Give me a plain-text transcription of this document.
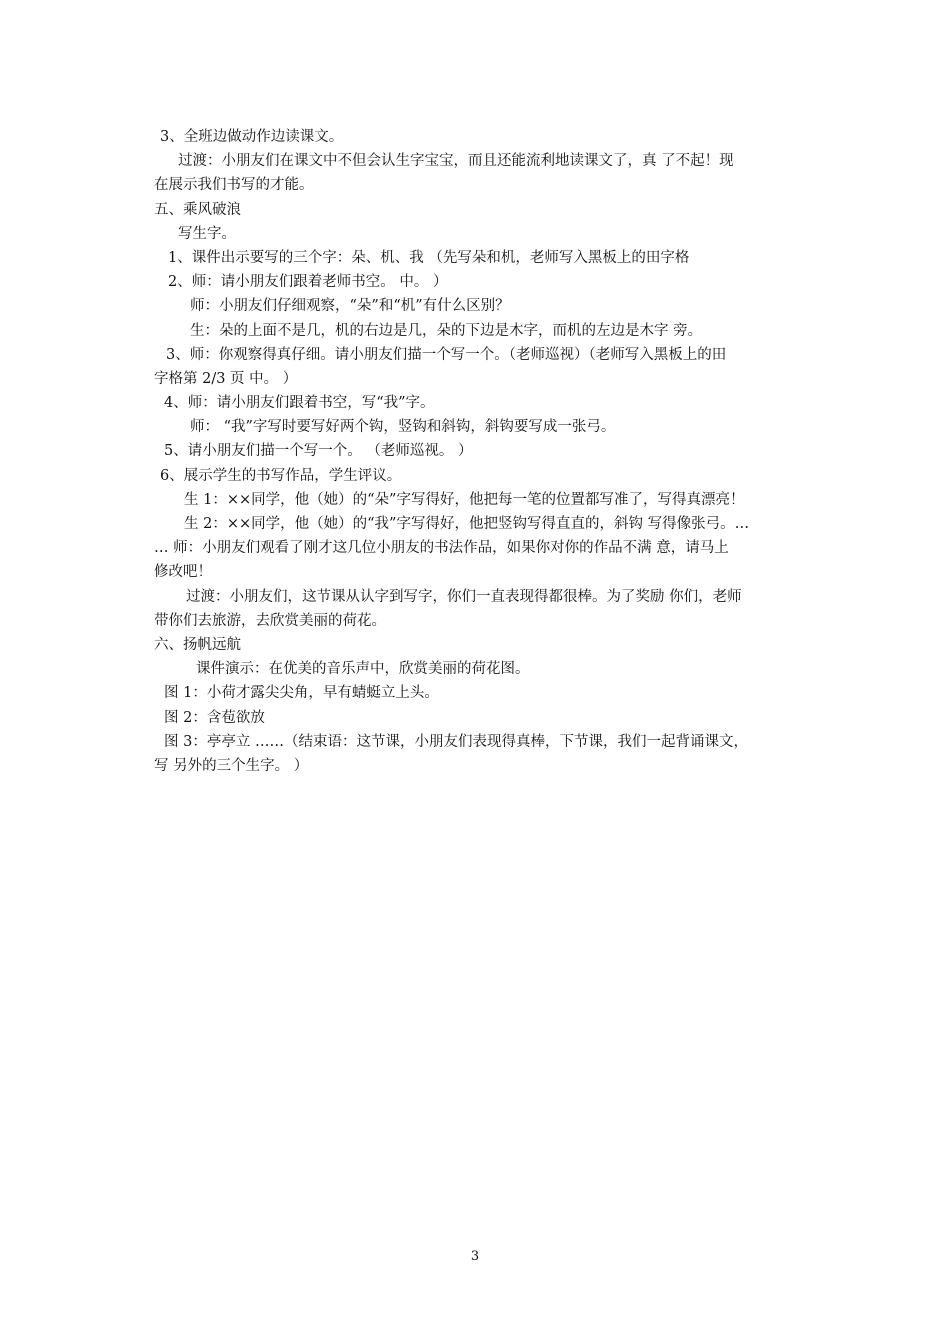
3、全班边做动作边读课文。
过渡：小朋友们在课文中不但会认生字宝宝，而且还能流利地读课文了，真 了不起！现
在展示我们书写的才能。
五、乘风破浪
写生字。
1、课件出示要写的三个字：朵、机、我 （先写朵和机，老师写入黑板上的田字格
2、师：请小朋友们跟着老师书空。 中。 ）
师：小朋友们仔细观察，“朵”和“机”有什么区别？
生：朵的上面不是几，机的右边是几，朵的下边是木字，而机的左边是木字 旁。
3、师：你观察得真仔细。请小朋友们描一个写一个。（老师巡视）（老师写入黑板上的田
字格第 2/3 页 中。 ）
4、师：请小朋友们跟着书空，写“我”字。
师： “我”字写时要写好两个钩，竖钩和斜钩，斜钩要写成一张弓。
5、请小朋友们描一个写一个。 （老师巡视。 ）
6、展示学生的书写作品，学生评议。
生 1：××同学，他（她）的“朵”字写得好，他把每一笔的位置都写准了，写得真漂亮！
生 2：××同学，他（她）的“我”字写得好，他把竖钩写得直直的，斜钩 写得像张弓。…
… 师：小朋友们观看了刚才这几位小朋友的书法作品，如果你对你的作品不满 意，请马上
修改吧！
过渡：小朋友们，这节课从认字到写字，你们一直表现得都很棒。为了奖励 你们，老师
带你们去旅游，去欣赏美丽的荷花。
六、扬帆远航
课件演示：在优美的音乐声中，欣赏美丽的荷花图。
图 1：小荷才露尖尖角，早有蜻蜓立上头。
图 2：含苞欲放
图 3：亭亭立 ……（结束语：这节课，小朋友们表现得真棒，下节课，我们一起背诵课文，
写 另外的三个生字。 ）
3
